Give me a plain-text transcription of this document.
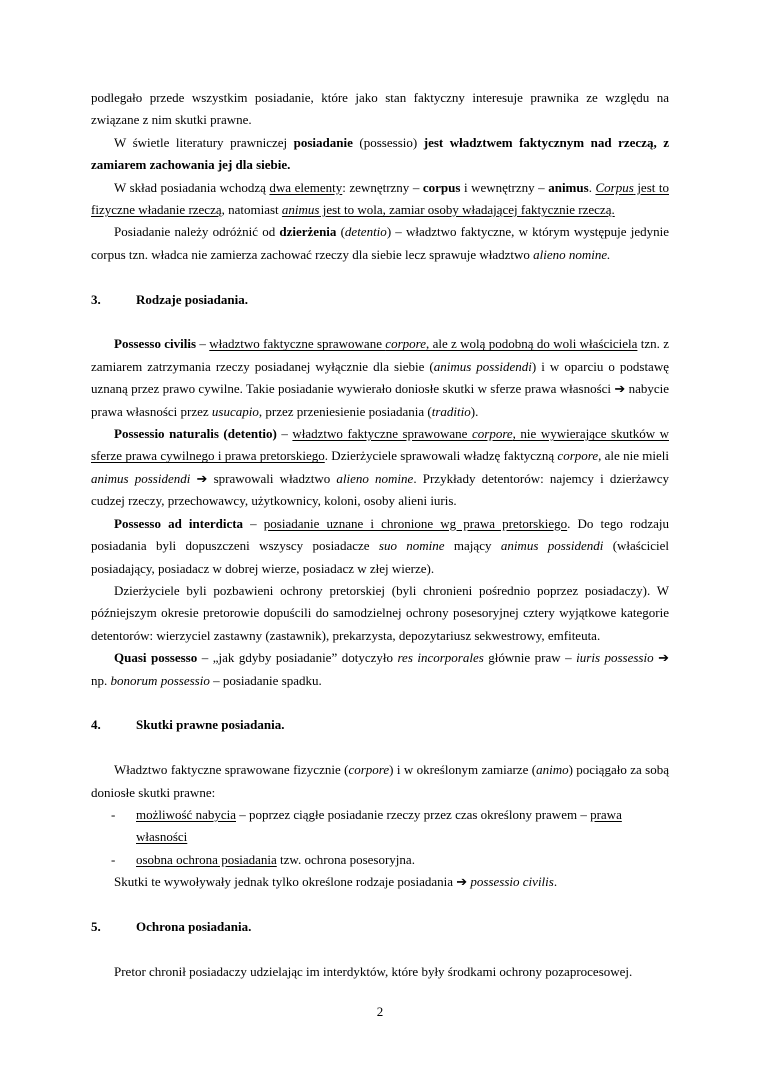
podlegało przede wszystkim posiadanie, które jako stan faktyczny interesuje prawnika ze względu na związane z nim skutki prawne.

W świetle literatury prawniczej posiadanie (possessio) jest władztwem faktycznym nad rzeczą, z zamiarem zachowania jej dla siebie.

W skład posiadania wchodzą dwa elementy: zewnętrzny – corpus i wewnętrzny – animus. Corpus jest to fizyczne władanie rzeczą, natomiast animus jest to wola, zamiar osoby władającej faktycznie rzeczą.

Posiadanie należy odróżnić od dzierżenia (detentio) – władztwo faktyczne, w którym występuje jedynie corpus tzn. władca nie zamierza zachować rzeczy dla siebie lecz sprawuje władztwo alieno nomine.

3.	Rodzaje posiadania.

Possesso civilis – władztwo faktyczne sprawowane corpore, ale z wolą podobną do woli właściciela tzn. z zamiarem zatrzymania rzeczy posiadanej wyłącznie dla siebie (animus possidendi) i w oparciu o podstawę uznaną przez prawo cywilne. Takie posiadanie wywierało doniosłe skutki w sferze prawa własności ➔ nabycie prawa własności przez usucapio, przez przeniesienie posiadania (traditio).

Possessio naturalis (detentio) – władztwo faktyczne sprawowane corpore, nie wywierające skutków w sferze prawa cywilnego i prawa pretorskiego. Dzierżyciele sprawowali władzę faktyczną corpore, ale nie mieli animus possidendi ➔ sprawowali władztwo alieno nomine. Przykłady detentorów: najemcy i dzierżawcy cudzej rzeczy, przechowawcy, użytkownicy, koloni, osoby alieni iuris.

Possesso ad interdicta – posiadanie uznane i chronione wg prawa pretorskiego. Do tego rodzaju posiadania byli dopuszczeni wszyscy posiadacze suo nomine mający animus possidendi (właściciel posiadający, posiadacz w dobrej wierze, posiadacz w złej wierze).

Dzierżyciele byli pozbawieni ochrony pretorskiej (byli chronieni pośrednio poprzez posiadaczy). W późniejszym okresie pretorowie dopuścili do samodzielnej ochrony posesoryjnej cztery wyjątkowe kategorie detentorów: wierzyciel zastawny (zastawnik), prekarzysta, depozytariusz sekwestrowy, emfiteuta.

Quasi possesso – „jak gdyby posiadanie” dotyczyło res incorporales głównie praw – iuris possessio ➔ np. bonorum possessio – posiadanie spadku.

4.	Skutki prawne posiadania.

Władztwo faktyczne sprawowane fizycznie (corpore) i w określonym zamiarze (animo) pociągało za sobą doniosłe skutki prawne:

-	możliwość nabycia – poprzez ciągłe posiadanie rzeczy przez czas określony prawem – prawa własności
-	osobna ochrona posiadania tzw. ochrona posesoryjna.

Skutki te wywoływały jednak tylko określone rodzaje posiadania ➔ possessio civilis.

5.	Ochrona posiadania.

Pretor chronił posiadaczy udzielając im interdyktów, które były środkami ochrony pozaprocesowej.

2
